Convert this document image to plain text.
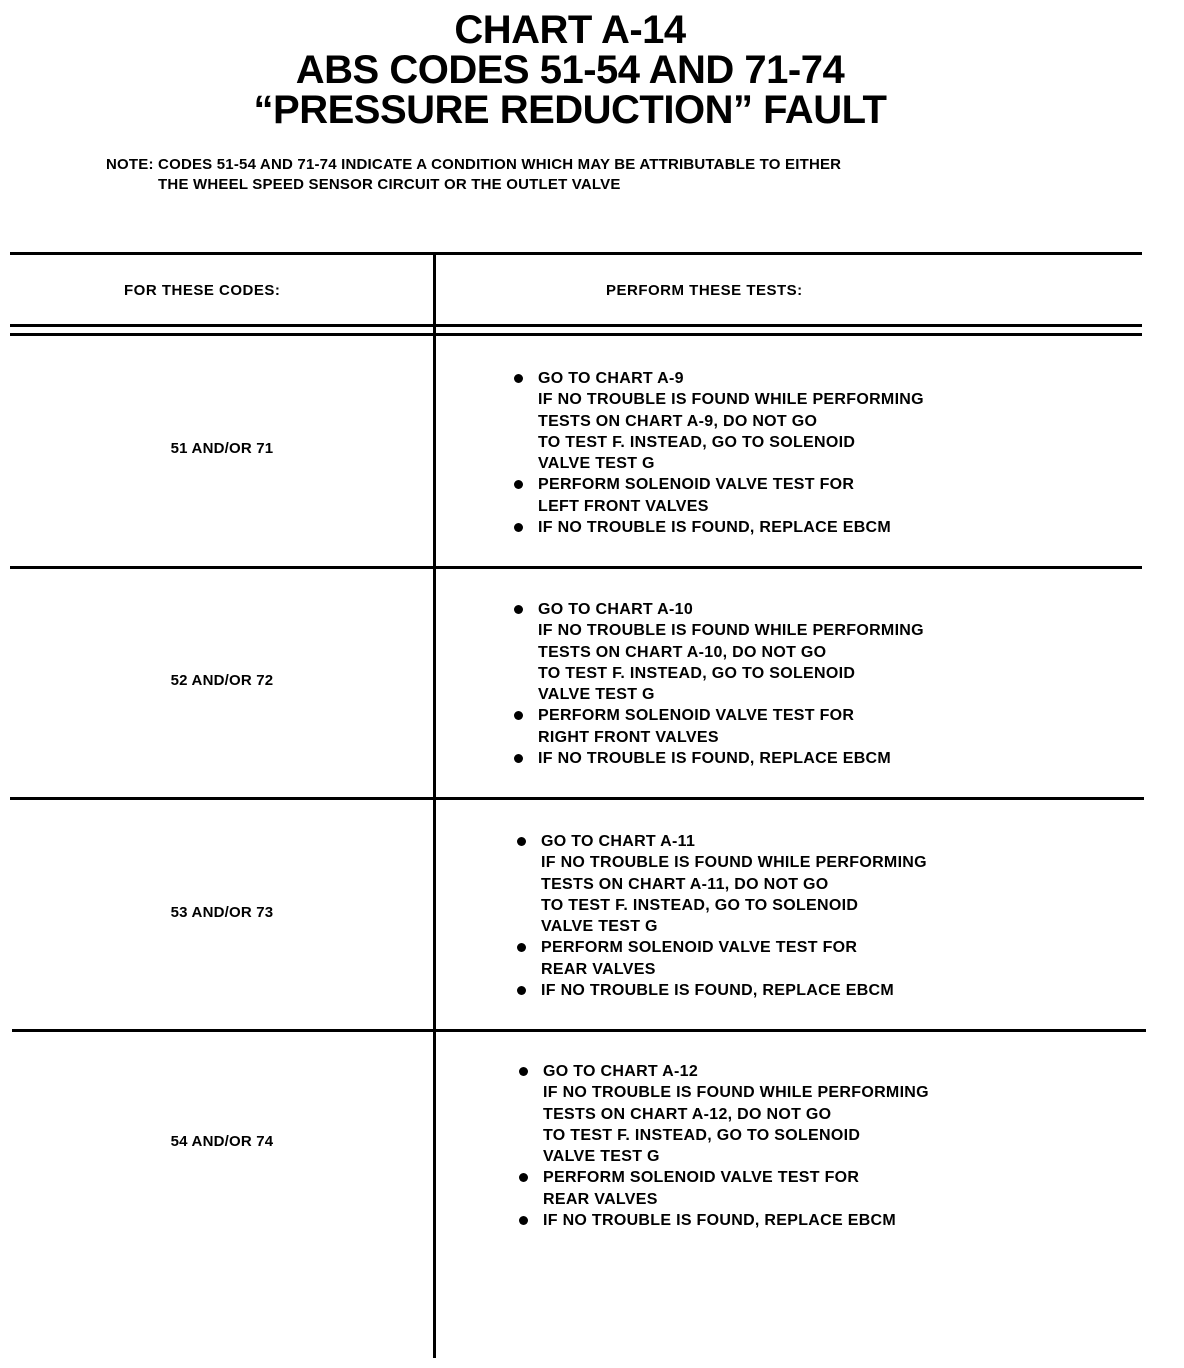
CHART A-14
ABS CODES 51-54 AND 71-74
“PRESSURE REDUCTION” FAULT
NOTE: CODES 51-54 AND 71-74 INDICATE A CONDITION WHICH MAY BE ATTRIBUTABLE TO EITHER
THE WHEEL SPEED SENSOR CIRCUIT OR THE OUTLET VALVE
FOR THESE CODES:	PERFORM THESE TESTS:
51 AND/OR 71
GO TO CHART A-9
IF NO TROUBLE IS FOUND WHILE PERFORMING
TESTS ON CHART A-9, DO NOT GO
TO TEST F. INSTEAD, GO TO SOLENOID
VALVE TEST G
PERFORM SOLENOID VALVE TEST FOR
LEFT FRONT VALVES
IF NO TROUBLE IS FOUND, REPLACE EBCM
52 AND/OR 72
GO TO CHART A-10
IF NO TROUBLE IS FOUND WHILE PERFORMING
TESTS ON CHART A-10, DO NOT GO
TO TEST F. INSTEAD, GO TO SOLENOID
VALVE TEST G
PERFORM SOLENOID VALVE TEST FOR
RIGHT FRONT VALVES
IF NO TROUBLE IS FOUND, REPLACE EBCM
53 AND/OR 73
GO TO CHART A-11
IF NO TROUBLE IS FOUND WHILE PERFORMING
TESTS ON CHART A-11, DO NOT GO
TO TEST F. INSTEAD, GO TO SOLENOID
VALVE TEST G
PERFORM SOLENOID VALVE TEST FOR
REAR VALVES
IF NO TROUBLE IS FOUND, REPLACE EBCM
54 AND/OR 74
GO TO CHART A-12
IF NO TROUBLE IS FOUND WHILE PERFORMING
TESTS ON CHART A-12, DO NOT GO
TO TEST F. INSTEAD, GO TO SOLENOID
VALVE TEST G
PERFORM SOLENOID VALVE TEST FOR
REAR VALVES
IF NO TROUBLE IS FOUND, REPLACE EBCM
